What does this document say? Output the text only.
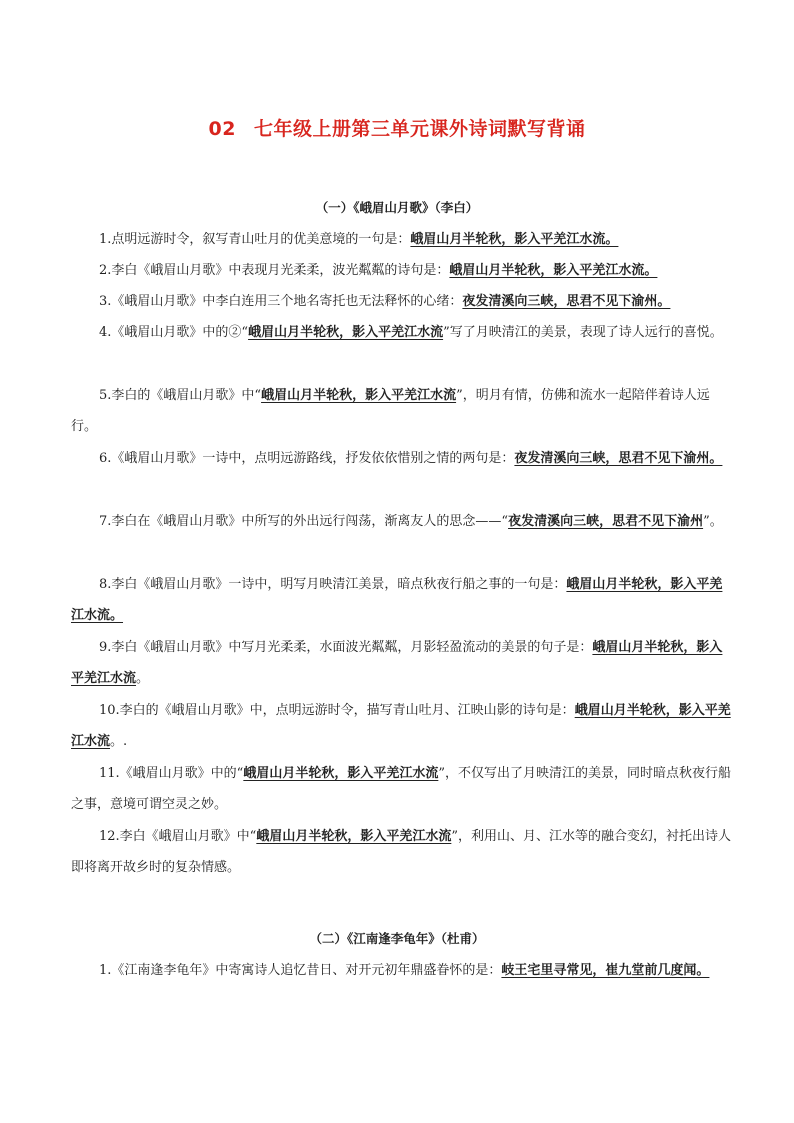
02 七年级上册第三单元课外诗词默写背诵
（一）《峨眉山月歌》（李白）
1.点明远游时令，叙写青山吐月的优美意境的一句是：峨眉山月半轮秋，影入平羌江水流。
2.李白《峨眉山月歌》中表现月光柔柔，波光粼粼的诗句是：峨眉山月半轮秋，影入平羌江水流。
3.《峨眉山月歌》中李白连用三个地名寄托也无法释怀的心绪：夜发清溪向三峡，思君不见下渝州。
4.《峨眉山月歌》中的②“峨眉山月半轮秋，影入平羌江水流”写了月映清江的美景，表现了诗人远行的喜悦。
5.李白的《峨眉山月歌》中“峨眉山月半轮秋，影入平羌江水流”，明月有情，仿佛和流水一起陪伴着诗人远行。
6.《峨眉山月歌》一诗中，点明远游路线，抒发依依惜别之情的两句是：夜发清溪向三峡，思君不见下渝州。
7.李白在《峨眉山月歌》中所写的外出远行闯荡，渐离友人的思念——“夜发清溪向三峡，思君不见下渝州”。
8.李白《峨眉山月歌》一诗中，明写月映清江美景，暗点秋夜行船之事的一句是：峨眉山月半轮秋，影入平羌江水流。
9.李白《峨眉山月歌》中写月光柔柔，水面波光粼粼，月影轻盈流动的美景的句子是：峨眉山月半轮秋，影入平羌江水流。
10.李白的《峨眉山月歌》中，点明远游时令，描写青山吐月、江映山影的诗句是：峨眉山月半轮秋，影入平羌江水流。.
11.《峨眉山月歌》中的“峨眉山月半轮秋，影入平羌江水流”，不仅写出了月映清江的美景，同时暗点秋夜行船之事，意境可谓空灵之妙。
12.李白《峨眉山月歌》中“峨眉山月半轮秋，影入平羌江水流”，利用山、月、江水等的融合变幻，衬托出诗人即将离开故乡时的复杂情感。
（二）《江南逢李龟年》（杜甫）
1.《江南逢李龟年》中寄寓诗人追忆昔日、对开元初年鼎盛眷怀的是：岐王宅里寻常见，崔九堂前几度闻。
